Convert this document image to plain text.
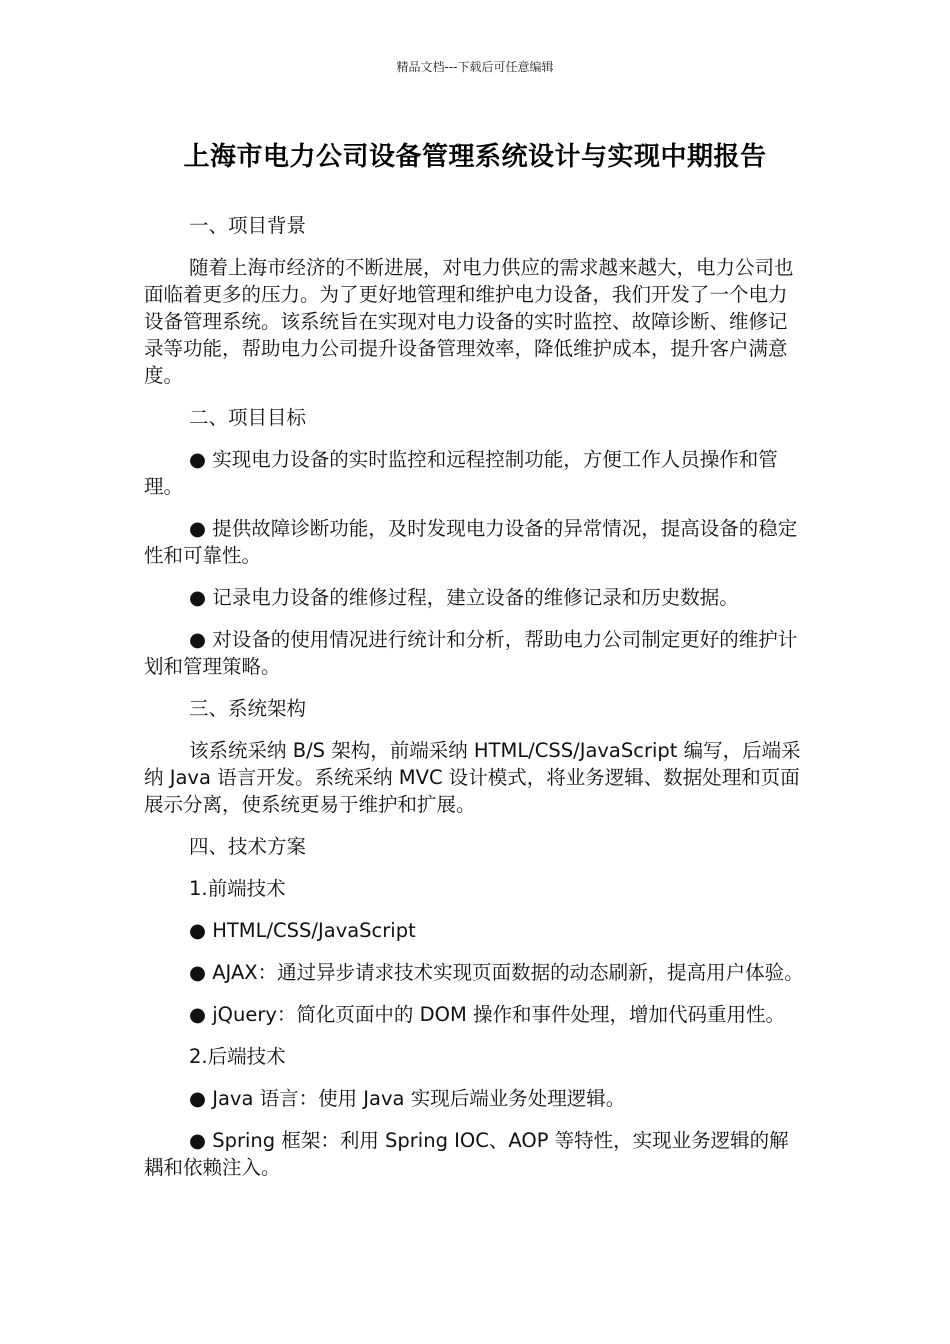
精品文档---下载后可任意编辑
上海市电力公司设备管理系统设计与实现中期报告

一、项目背景

随着上海市经济的不断进展，对电力供应的需求越来越大，电力公司也面临着更多的压力。为了更好地管理和维护电力设备，我们开发了一个电力设备管理系统。该系统旨在实现对电力设备的实时监控、故障诊断、维修记录等功能，帮助电力公司提升设备管理效率，降低维护成本，提升客户满意度。

二、项目目标

● 实现电力设备的实时监控和远程控制功能，方便工作人员操作和管理。

● 提供故障诊断功能，及时发现电力设备的异常情况，提高设备的稳定性和可靠性。

● 记录电力设备的维修过程，建立设备的维修记录和历史数据。

● 对设备的使用情况进行统计和分析，帮助电力公司制定更好的维护计划和管理策略。

三、系统架构

该系统采纳 B/S 架构，前端采纳 HTML/CSS/JavaScript 编写，后端采纳 Java 语言开发。系统采纳 MVC 设计模式，将业务逻辑、数据处理和页面展示分离，使系统更易于维护和扩展。

四、技术方案

1.前端技术

● HTML/CSS/JavaScript

● AJAX：通过异步请求技术实现页面数据的动态刷新，提高用户体验。

● jQuery：简化页面中的 DOM 操作和事件处理，增加代码重用性。

2.后端技术

● Java 语言：使用 Java 实现后端业务处理逻辑。

● Spring 框架：利用 Spring IOC、AOP 等特性，实现业务逻辑的解耦和依赖注入。
